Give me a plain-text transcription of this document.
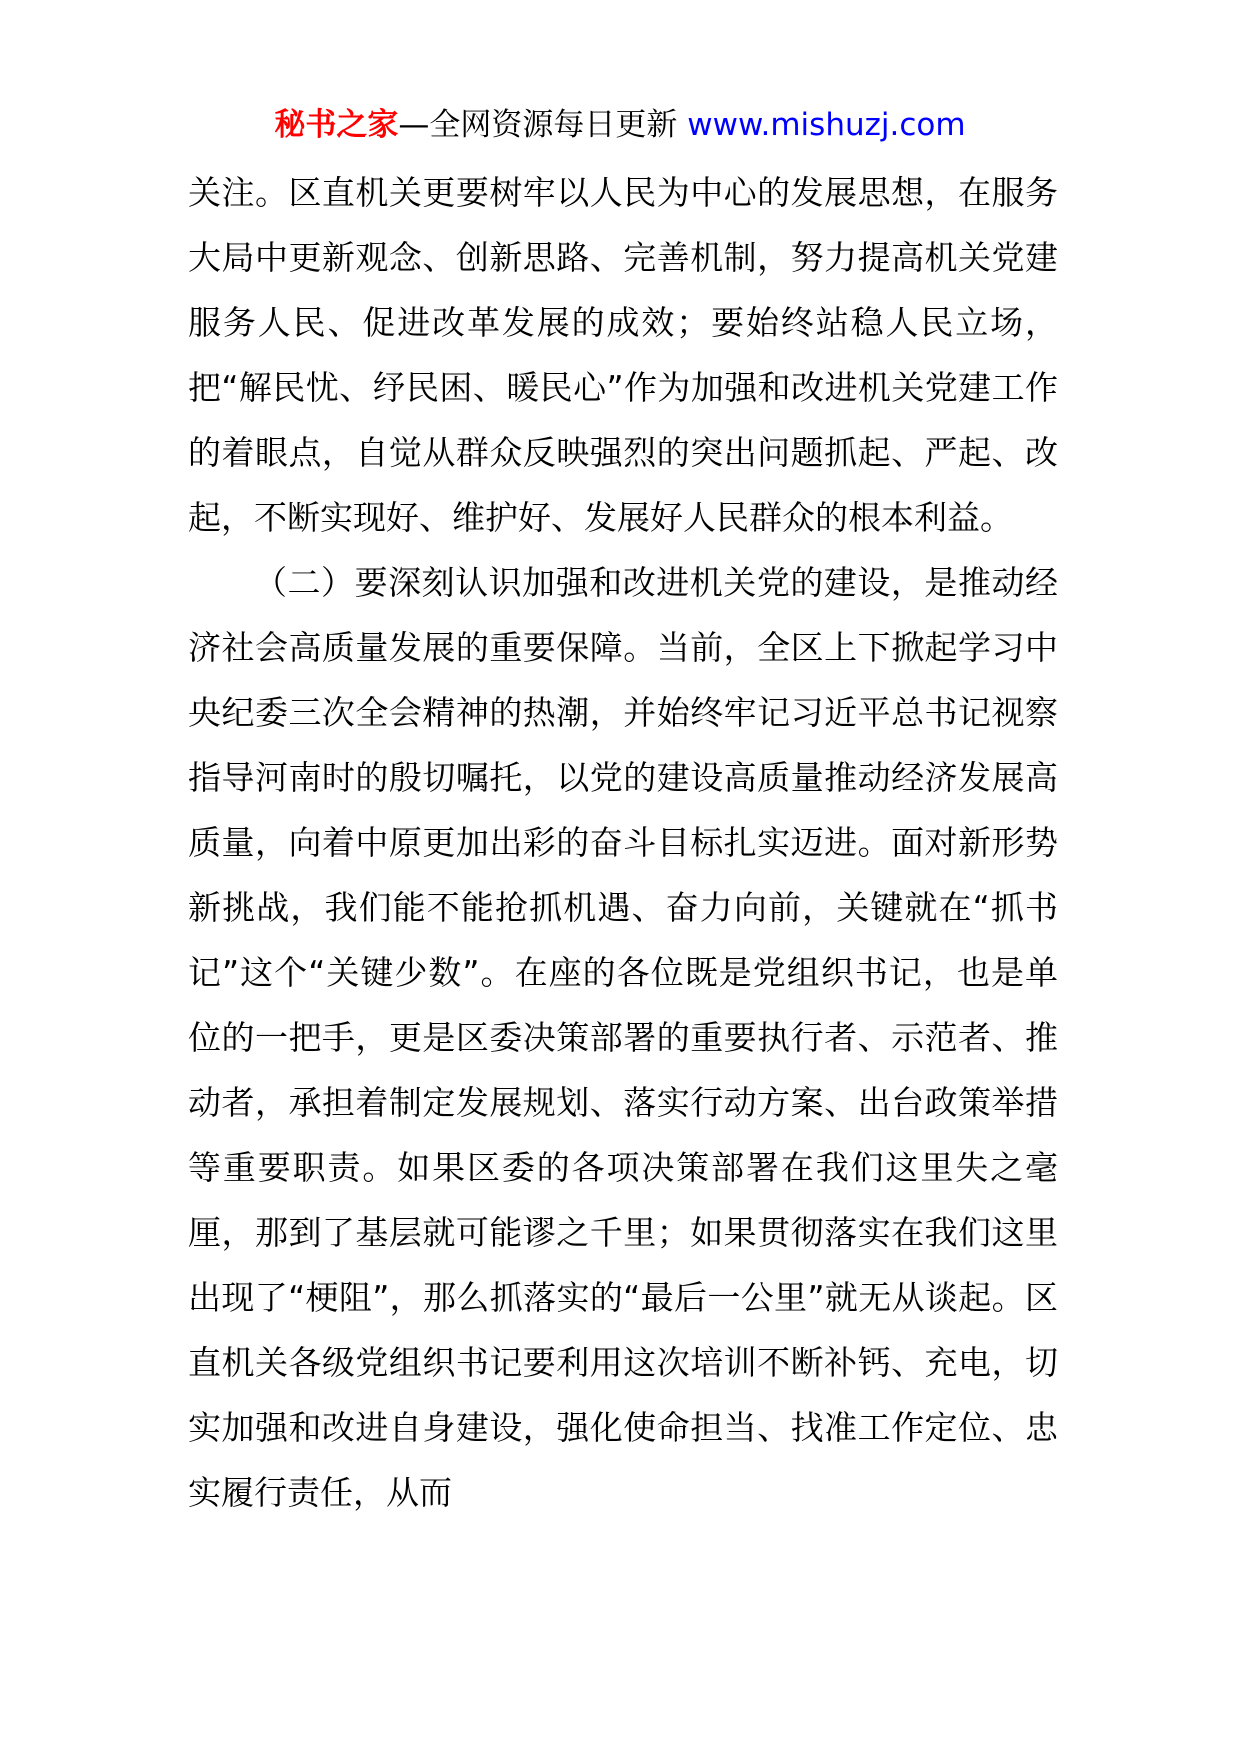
秘书之家—全网资源每日更新 www.mishuzj.com

关注。区直机关更要树牢以人民为中心的发展思想，在服务大局中更新观念、创新思路、完善机制，努力提高机关党建服务人民、促进改革发展的成效；要始终站稳人民立场，把“解民忧、纾民困、暖民心”作为加强和改进机关党建工作的着眼点，自觉从群众反映强烈的突出问题抓起、严起、改起，不断实现好、维护好、发展好人民群众的根本利益。

（二）要深刻认识加强和改进机关党的建设，是推动经济社会高质量发展的重要保障。当前，全区上下掀起学习中央纪委三次全会精神的热潮，并始终牢记习近平总书记视察指导河南时的殷切嘱托，以党的建设高质量推动经济发展高质量，向着中原更加出彩的奋斗目标扎实迈进。面对新形势新挑战，我们能不能抢抓机遇、奋力向前，关键就在“抓书记”这个“关键少数”。在座的各位既是党组织书记，也是单位的一把手，更是区委决策部署的重要执行者、示范者、推动者，承担着制定发展规划、落实行动方案、出台政策举措等重要职责。如果区委的各项决策部署在我们这里失之毫厘，那到了基层就可能谬之千里；如果贯彻落实在我们这里出现了“梗阻”，那么抓落实的“最后一公里”就无从谈起。区直机关各级党组织书记要利用这次培训不断补钙、充电，切实加强和改进自身建设，强化使命担当、找准工作定位、忠实履行责任，从而
